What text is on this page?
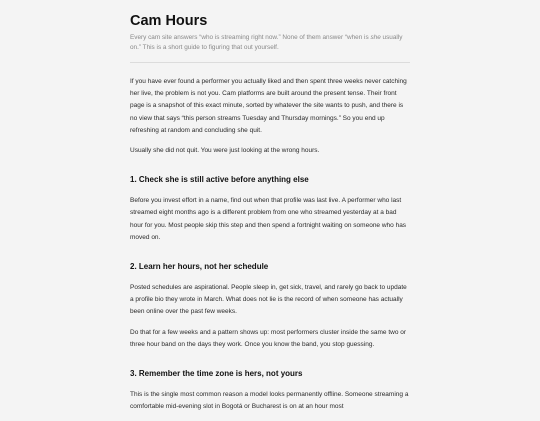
Cam Hours

Every cam site answers “who is streaming right now.” None of them answer “when is she usually on.” This is a short guide to figuring that out yourself.

If you have ever found a performer you actually liked and then spent three weeks never catching her live, the problem is not you. Cam platforms are built around the present tense. Their front page is a snapshot of this exact minute, sorted by whatever the site wants to push, and there is no view that says “this person streams Tuesday and Thursday mornings.” So you end up refreshing at random and concluding she quit.

Usually she did not quit. You were just looking at the wrong hours.

1. Check she is still active before anything else

Before you invest effort in a name, find out when that profile was last live. A performer who last streamed eight months ago is a different problem from one who streamed yesterday at a bad hour for you. Most people skip this step and then spend a fortnight waiting on someone who has moved on.

2. Learn her hours, not her schedule

Posted schedules are aspirational. People sleep in, get sick, travel, and rarely go back to update a profile bio they wrote in March. What does not lie is the record of when someone has actually been online over the past few weeks.

Do that for a few weeks and a pattern shows up: most performers cluster inside the same two or three hour band on the days they work. Once you know the band, you stop guessing.

3. Remember the time zone is hers, not yours

This is the single most common reason a model looks permanently offline. Someone streaming a comfortable mid-evening slot in Bogotá or Bucharest is on at an hour most
